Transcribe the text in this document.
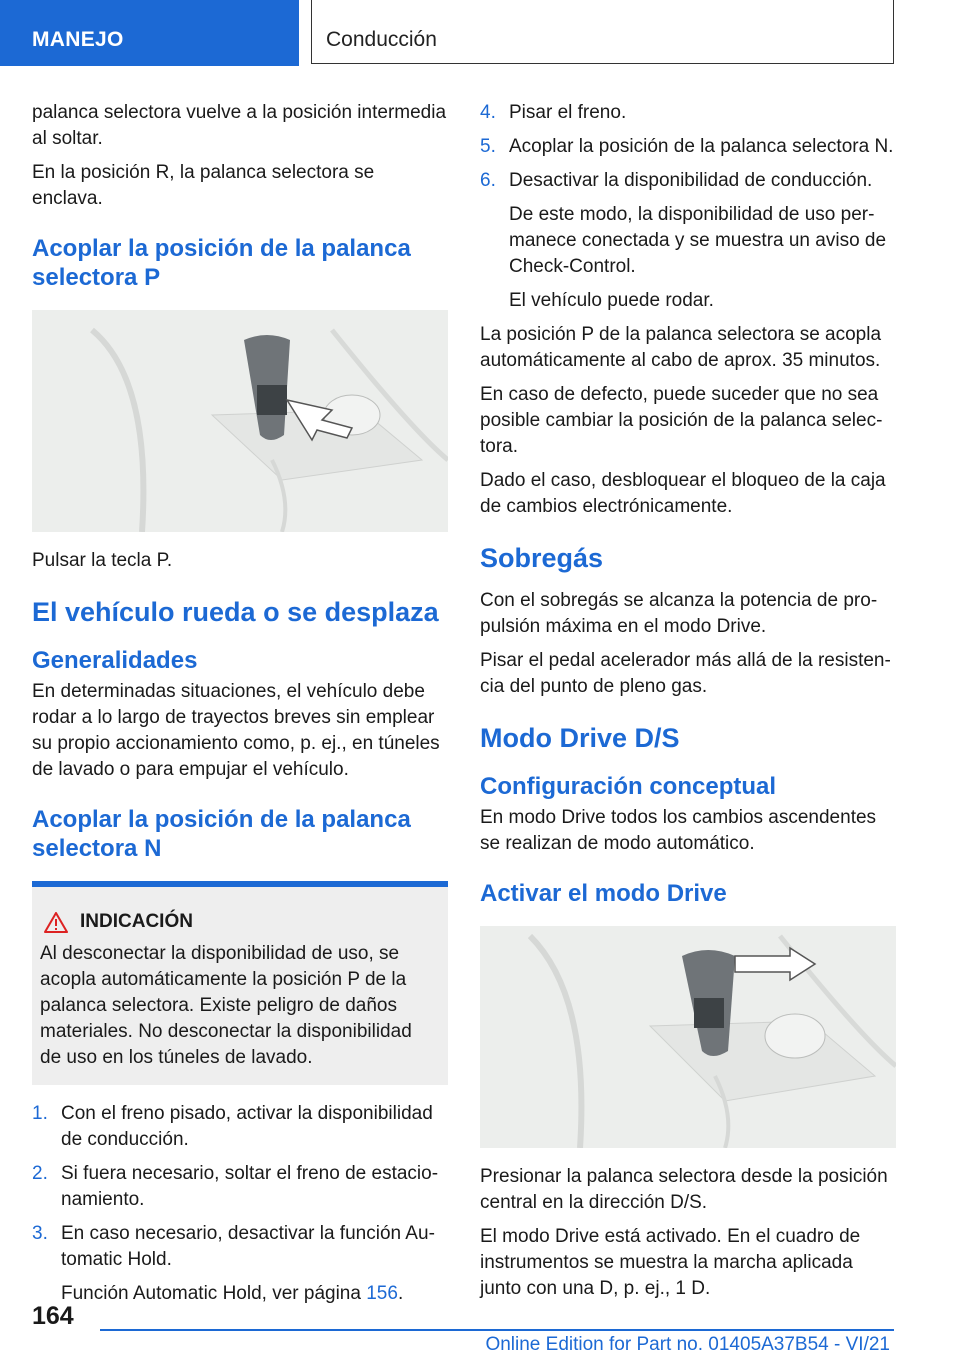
MANEJO	Conducción

palanca selectora vuelve a la posición intermedia al soltar.

En la posición R, la palanca selectora se enclava.

Acoplar la posición de la palanca selectora P

Pulsar la tecla P.

El vehículo rueda o se desplaza
Generalidades

En determinadas situaciones, el vehículo debe rodar a lo largo de trayectos breves sin emplear su propio accionamiento como, p. ej., en túneles de lavado o para empujar el vehículo.

Acoplar la posición de la palanca selectora N
INDICACIÓN

Al desconectar la disponibilidad de uso, se acopla automáticamente la posición P de la palanca selectora. Existe peligro de daños materiales. No desconectar la disponibilidad de uso en los túneles de lavado.

1. Con el freno pisado, activar la disponibilidad de conducción.
2. Si fuera necesario, soltar el freno de estacionamiento.
3. En caso necesario, desactivar la función Automatic Hold.

Función Automatic Hold, ver página 156.

4. Pisar el freno.
5. Acoplar la posición de la palanca selectora N.
6. Desactivar la disponibilidad de conducción.

De este modo, la disponibilidad de uso permanece conectada y se muestra un aviso de Check-Control.

El vehículo puede rodar.

La posición P de la palanca selectora se acopla automáticamente al cabo de aprox. 35 minutos.

En caso de defecto, puede suceder que no sea posible cambiar la posición de la palanca selectora.

Dado el caso, desbloquear el bloqueo de la caja de cambios electrónicamente.

Sobregás

Con el sobregás se alcanza la potencia de propulsión máxima en el modo Drive.

Pisar el pedal acelerador más allá de la resistencia del punto de pleno gas.

Modo Drive D/S
Configuración conceptual

En modo Drive todos los cambios ascendentes se realizan de modo automático.

Activar el modo Drive

Presionar la palanca selectora desde la posición central en la dirección D/S.

El modo Drive está activado. En el cuadro de instrumentos se muestra la marcha aplicada junto con una D, p. ej., 1 D.

164
Online Edition for Part no. 01405A37B54 - VI/21
